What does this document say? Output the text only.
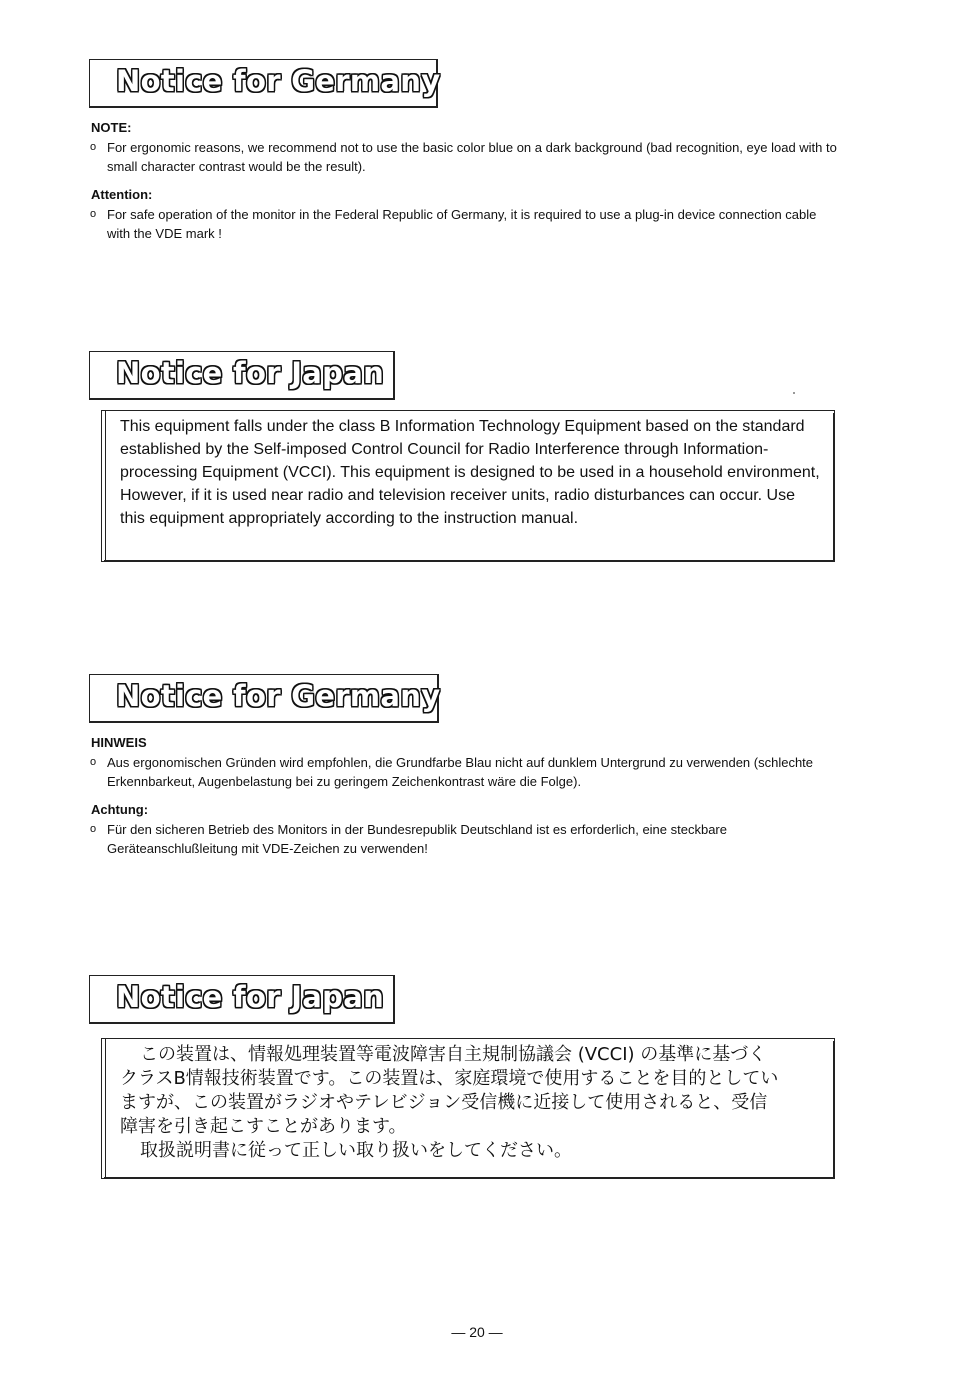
Notice for Germany

NOTE:

o For ergonomic reasons, we recommend not to use the basic color blue on a dark background (bad recognition, eye load with to small character contrast would be the result).

Attention:

o For safe operation of the monitor in the Federal Republic of Germany, it is required to use a plug-in device connection cable with the VDE mark !
Notice for Japan

This equipment falls under the class B Information Technology Equipment based on the standard established by the Self-imposed Control Council for Radio Interference through Information-processing Equipment (VCCI). This equipment is designed to be used in a household environment, However, if it is used near radio and television receiver units, radio disturbances can occur. Use this equipment appropriately according to the instruction manual.

Notice for Germany

HINWEIS

o Aus ergonomischen Gründen wird empfohlen, die Grundfarbe Blau nicht auf dunklem Untergrund zu verwenden (schlechte Erkennbarkeut, Augenbelastung bei zu geringem Zeichenkontrast wäre die Folge).

Achtung:

o Für den sicheren Betrieb des Monitors in der Bundesrepublik Deutschland ist es erforderlich, eine steckbare Geräteanschlußleitung mit VDE-Zeichen zu verwenden!
Notice for Japan
この装置は、情報処理装置等電波障害自主規制協議会 (VCCI) の基準に基づく
クラスB情報技術装置です。この装置は、家庭環境で使用することを目的としてい
ますが、この装置がラジオやテレビジョン受信機に近接して使用されると、受信
障害を引き起こすことがあります。
取扱説明書に従って正しい取り扱いをしてください。
— 20 —
